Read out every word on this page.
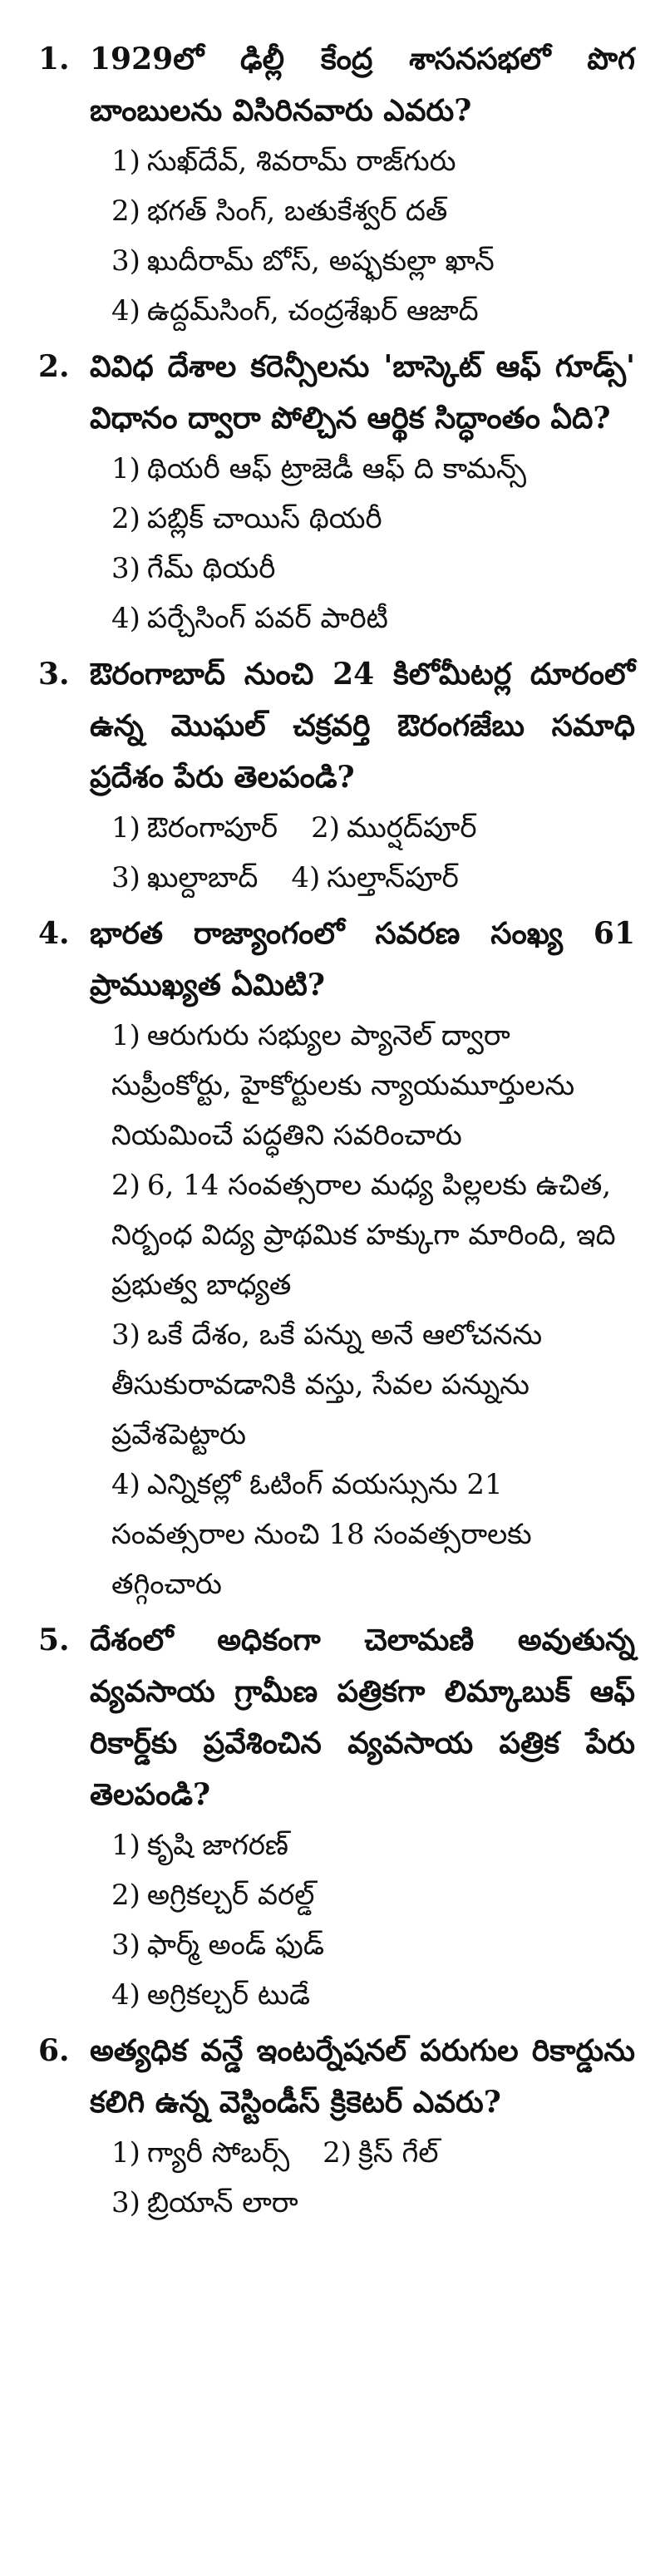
1. 1929లో ఢిల్లీ కేంద్ర శాసనసభలో పొగ బాంబులను విసిరినవారు ఎవరు?
1) సుఖ్‌దేవ్, శివరామ్ రాజ్‌గురు
2) భగత్ సింగ్, బతుకేశ్వర్ దత్
3) ఖుదీరామ్ బోస్, అష్ఫకుల్లా ఖాన్
4) ఉద్దమ్‌సింగ్, చంద్రశేఖర్ ఆజాద్
2. వివిధ దేశాల కరెన్సీలను 'బాస్కెట్ ఆఫ్ గూడ్స్' విధానం ద్వారా పోల్చిన ఆర్థిక సిద్ధాంతం ఏది?
1) థియరీ ఆఫ్ ట్రాజెడీ ఆఫ్ ది కామన్స్
2) పబ్లిక్ చాయిస్ థియరీ
3) గేమ్ థియరీ
4) పర్చేసింగ్ పవర్ పారిటీ
3. ఔరంగాబాద్ నుంచి 24 కిలోమీటర్ల దూరంలో ఉన్న మొఘల్ చక్రవర్తి ఔరంగజేబు సమాధి ప్రదేశం పేరు తెలపండి?
1) ఔరంగాపూర్ 2) ముర్షద్‌పూర్
3) ఖుల్దాబాద్ 4) సుల్తాన్‌పూర్
4. భారత రాజ్యాంగంలో సవరణ సంఖ్య 61 ప్రాముఖ్యత ఏమిటి?
1) ఆరుగురు సభ్యుల ప్యానెల్ ద్వారా సుప్రీంకోర్టు, హైకోర్టులకు న్యాయమూర్తులను నియమించే పద్ధతిని సవరించారు
2) 6, 14 సంవత్సరాల మధ్య పిల్లలకు ఉచిత, నిర్బంధ విద్య ప్రాథమిక హక్కుగా మారింది, ఇది ప్రభుత్వ బాధ్యత
3) ఒకే దేశం, ఒకే పన్ను అనే ఆలోచనను తీసుకురావడానికి వస్తు, సేవల పన్నును ప్రవేశపెట్టారు
4) ఎన్నికల్లో ఓటింగ్ వయస్సును 21 సంవత్సరాల నుంచి 18 సంవత్సరాలకు తగ్గించారు
5. దేశంలో అధికంగా చెలామణి అవుతున్న వ్యవసాయ గ్రామీణ పత్రికగా లిమ్కాబుక్ ఆఫ్ రికార్డ్‌కు ప్రవేశించిన వ్యవసాయ పత్రిక పేరు తెలపండి?
1) కృషి జాగరణ్
2) అగ్రికల్చర్ వరల్డ్
3) ఫార్మ్ అండ్ ఫుడ్
4) అగ్రికల్చర్ టుడే
6. అత్యధిక వన్డే ఇంటర్నేషనల్ పరుగుల రికార్డును కలిగి ఉన్న వెస్టిండీస్ క్రికెటర్ ఎవరు?
1) గ్యారీ సోబర్స్ 2) క్రిస్ గేల్
3) బ్రియాన్ లారా
